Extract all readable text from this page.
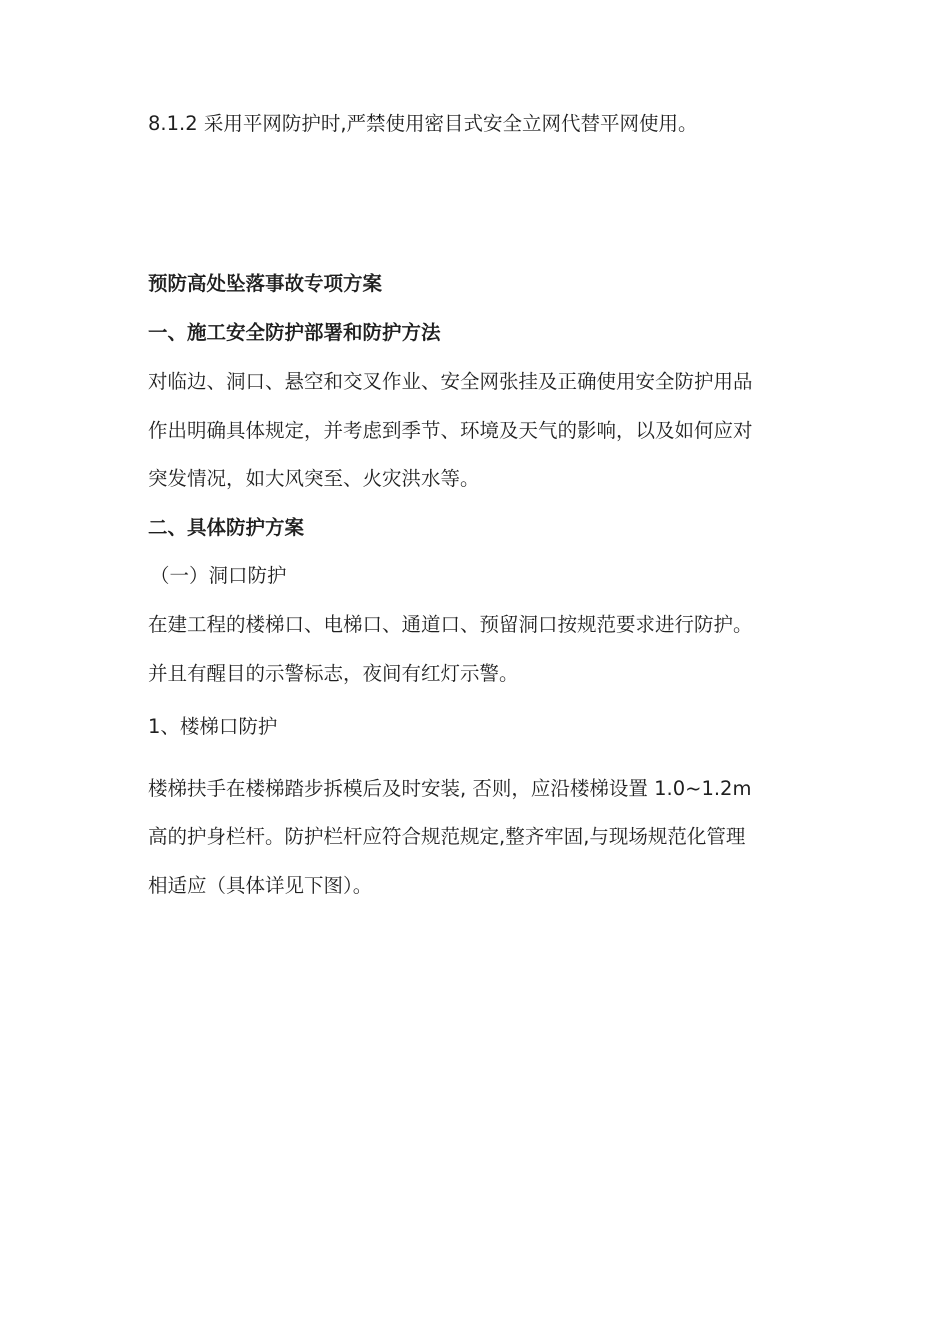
8.1.2 采用平网防护时,严禁使用密目式安全立网代替平网使用。
预防高处坠落事故专项方案
一、施工安全防护部署和防护方法
对临边、洞口、悬空和交叉作业、安全网张挂及正确使用安全防护用品
作出明确具体规定，并考虑到季节、环境及天气的影响，以及如何应对
突发情况，如大风突至、火灾洪水等。
二、具体防护方案
（一）洞口防护
在建工程的楼梯口、电梯口、通道口、预留洞口按规范要求进行防护。
并且有醒目的示警标志，夜间有红灯示警。
1、楼梯口防护
楼梯扶手在楼梯踏步拆模后及时安装, 否则，应沿楼梯设置 1.0~1.2m
高的护身栏杆。防护栏杆应符合规范规定,整齐牢固,与现场规范化管理
相适应（具体详见下图）。
